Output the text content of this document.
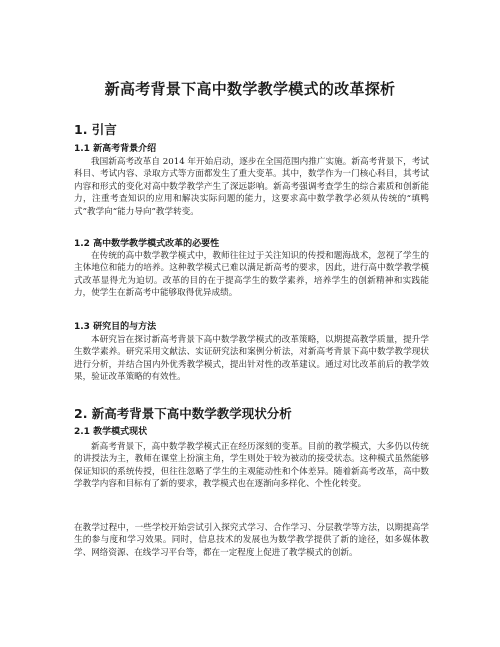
新高考背景下高中数学教学模式的改革探析
1. 引言
1.1 新高考背景介绍

我国新高考改革自 2014 年开始启动，逐步在全国范围内推广实施。新高考背景下，考试科目、考试内容、录取方式等方面都发生了重大变革。其中，数学作为一门核心科目，其考试内容和形式的变化对高中数学教学产生了深远影响。新高考强调考查学生的综合素质和创新能力，注重考查知识的应用和解决实际问题的能力，这要求高中数学教学必须从传统的“填鸭式”教学向“能力导向”教学转变。

1.2 高中数学教学模式改革的必要性

在传统的高中数学教学模式中，教师往往过于关注知识的传授和题海战术，忽视了学生的主体地位和能力的培养。这种教学模式已难以满足新高考的要求，因此，进行高中数学教学模式改革显得尤为迫切。改革的目的在于提高学生的数学素养，培养学生的创新精神和实践能力，使学生在新高考中能够取得优异成绩。

1.3 研究目的与方法

本研究旨在探讨新高考背景下高中数学教学模式的改革策略，以期提高教学质量，提升学生数学素养。研究采用文献法、实证研究法和案例分析法，对新高考背景下高中数学教学现状进行分析，并结合国内外优秀教学模式，提出针对性的改革建议。通过对比改革前后的教学效果，验证改革策略的有效性。

2. 新高考背景下高中数学教学现状分析
2.1 教学模式现状

新高考背景下，高中数学教学模式正在经历深刻的变革。目前的教学模式，大多仍以传统的讲授法为主，教师在课堂上扮演主角，学生则处于较为被动的接受状态。这种模式虽然能够保证知识的系统传授，但往往忽略了学生的主观能动性和个体差异。随着新高考改革，高中数学教学内容和目标有了新的要求，教学模式也在逐渐向多样化、个性化转变。

在教学过程中，一些学校开始尝试引入探究式学习、合作学习、分层教学等方法，以期提高学生的参与度和学习效果。同时，信息技术的发展也为数学教学提供了新的途径，如多媒体教学、网络资源、在线学习平台等，都在一定程度上促进了教学模式的创新。
